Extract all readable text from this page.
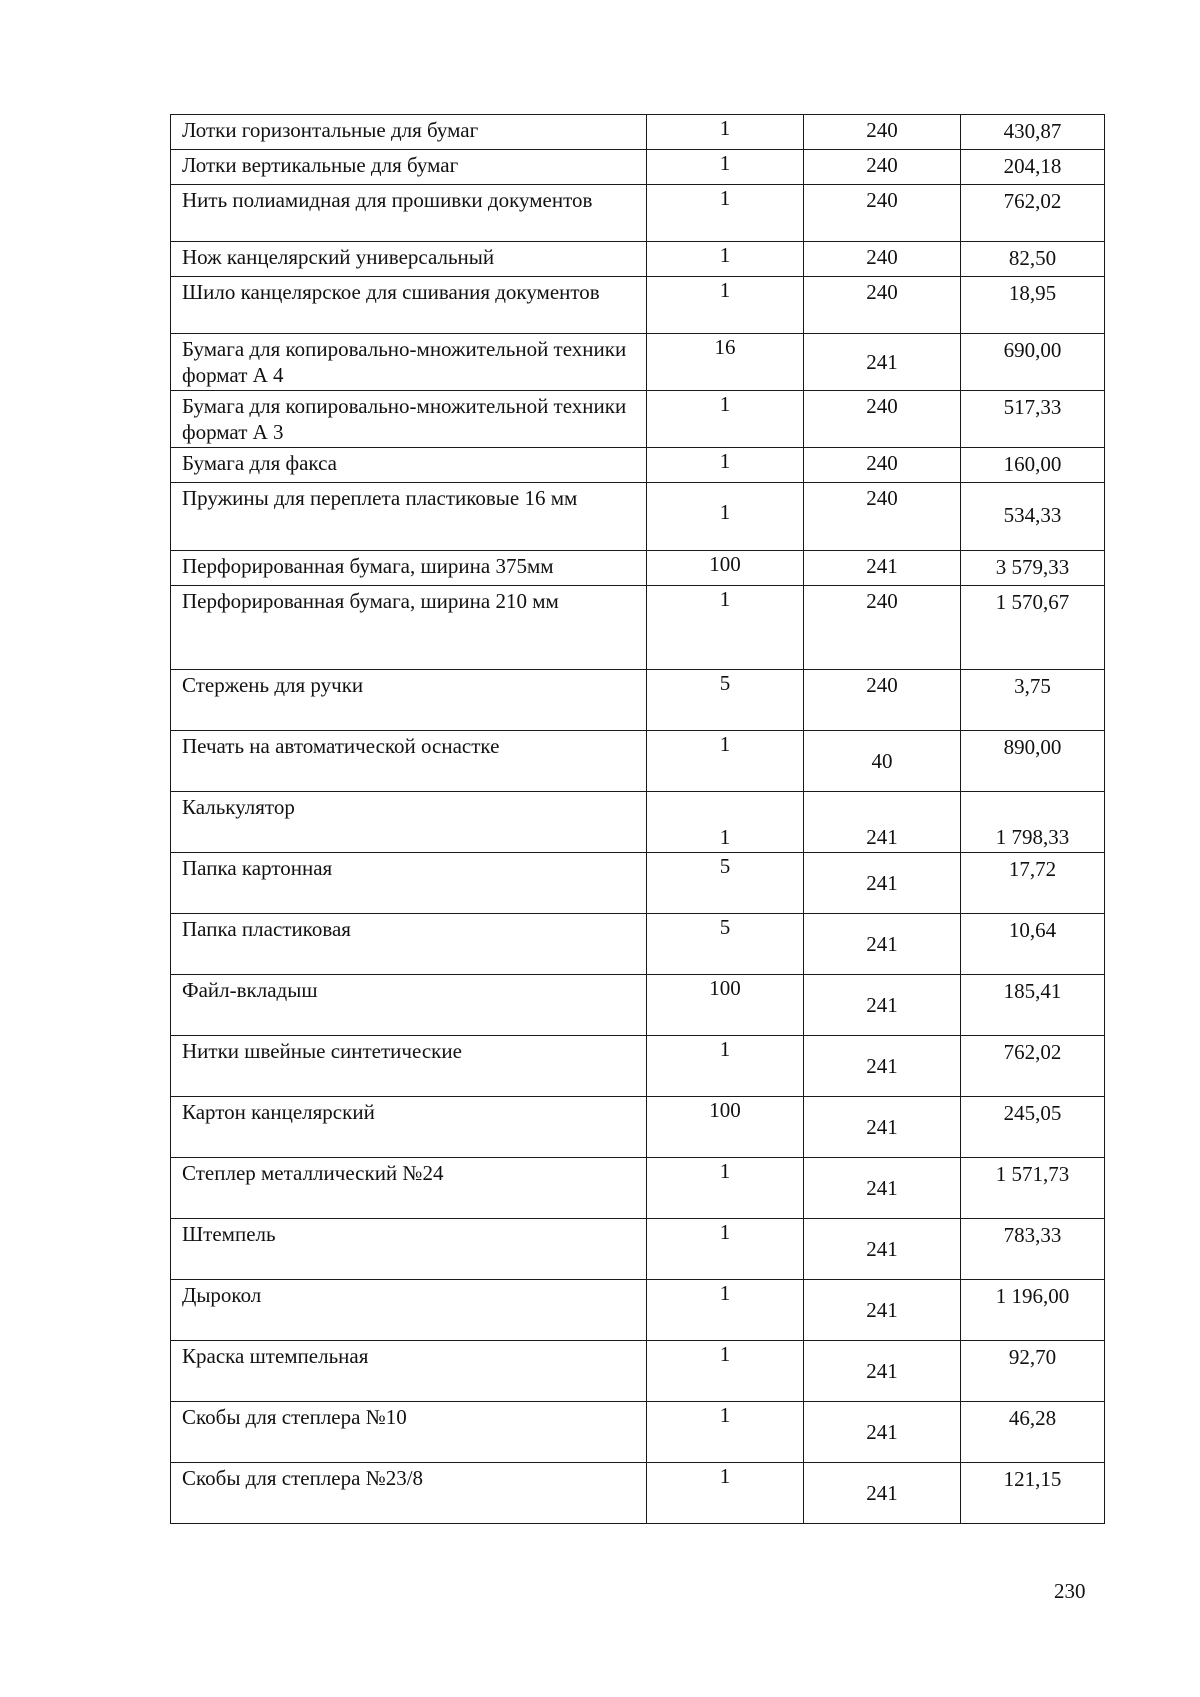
Лотки горизонтальные для бумаг	1	240	430,87
Лотки вертикальные для бумаг	1	240	204,18
Нить полиамидная для прошивки документов	1	240	762,02
Нож канцелярский универсальный	1	240	82,50
Шило канцелярское для сшивания документов	1	240	18,95
Бумага для копировально-множительной техники формат А 4	16	241	690,00
Бумага для копировально-множительной техники формат А 3	1	240	517,33
Бумага для факса	1	240	160,00
Пружины для переплета пластиковые 16 мм	1	240	534,33
Перфорированная бумага, ширина 375мм	100	241	3 579,33
Перфорированная бумага, ширина 210 мм	1	240	1 570,67
Стержень для ручки	5	240	3,75
Печать на автоматической оснастке	1	40	890,00
Калькулятор	1	241	1 798,33
Папка картонная	5	241	17,72
Папка пластиковая	5	241	10,64
Файл-вкладыш	100	241	185,41
Нитки швейные синтетические	1	241	762,02
Картон канцелярский	100	241	245,05
Степлер металлический №24	1	241	1 571,73
Штемпель	1	241	783,33
Дырокол	1	241	1 196,00
Краска штемпельная	1	241	92,70
Скобы для степлера №10	1	241	46,28
Скобы для степлера №23/8	1	241	121,15
230
